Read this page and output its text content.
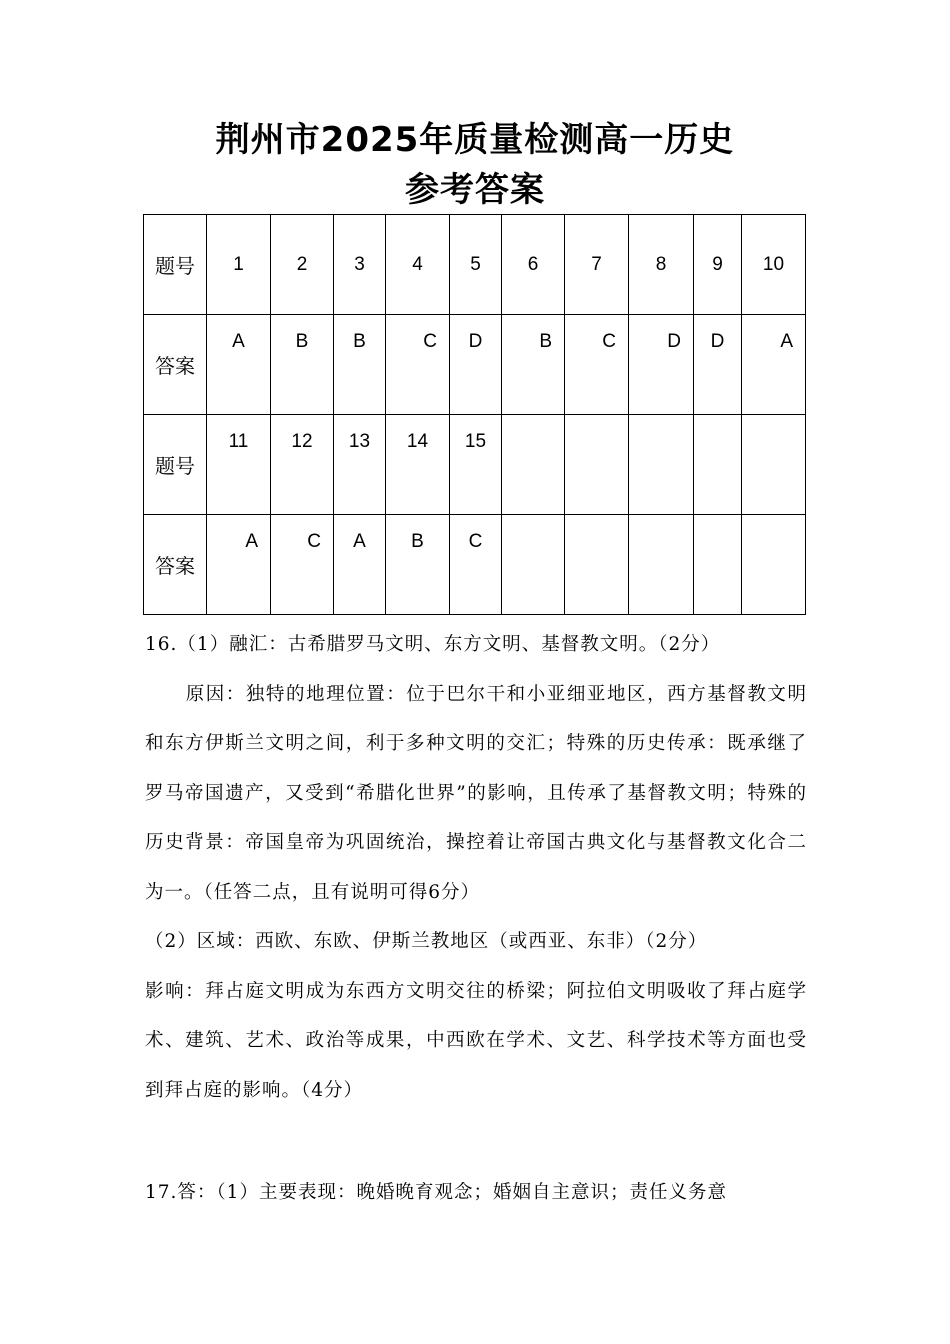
荆州市2025年质量检测高一历史
参考答案
题号	1	2	3	4	5	6	7	8	9	10
答案	A	B	B	C	D	B	C	D	D	A
题号	11	12	13	14	15					
答案	A	C	A	B	C					

16.（1）融汇：古希腊罗马文明、东方文明、基督教文明。（2分）

原因：独特的地理位置：位于巴尔干和小亚细亚地区，西方基督教文明和东方伊斯兰文明之间，利于多种文明的交汇；特殊的历史传承：既承继了罗马帝国遗产，又受到“希腊化世界”的影响，且传承了基督教文明；特殊的历史背景：帝国皇帝为巩固统治，操控着让帝国古典文化与基督教文化合二为一。（任答二点，且有说明可得6分）

（2）区域：西欧、东欧、伊斯兰教地区（或西亚、东非）（2分）

影响：拜占庭文明成为东西方文明交往的桥梁；阿拉伯文明吸收了拜占庭学术、建筑、艺术、政治等成果，中西欧在学术、文艺、科学技术等方面也受到拜占庭的影响。（4分）

17.答：（1）主要表现：晚婚晚育观念；婚姻自主意识；责任义务意
